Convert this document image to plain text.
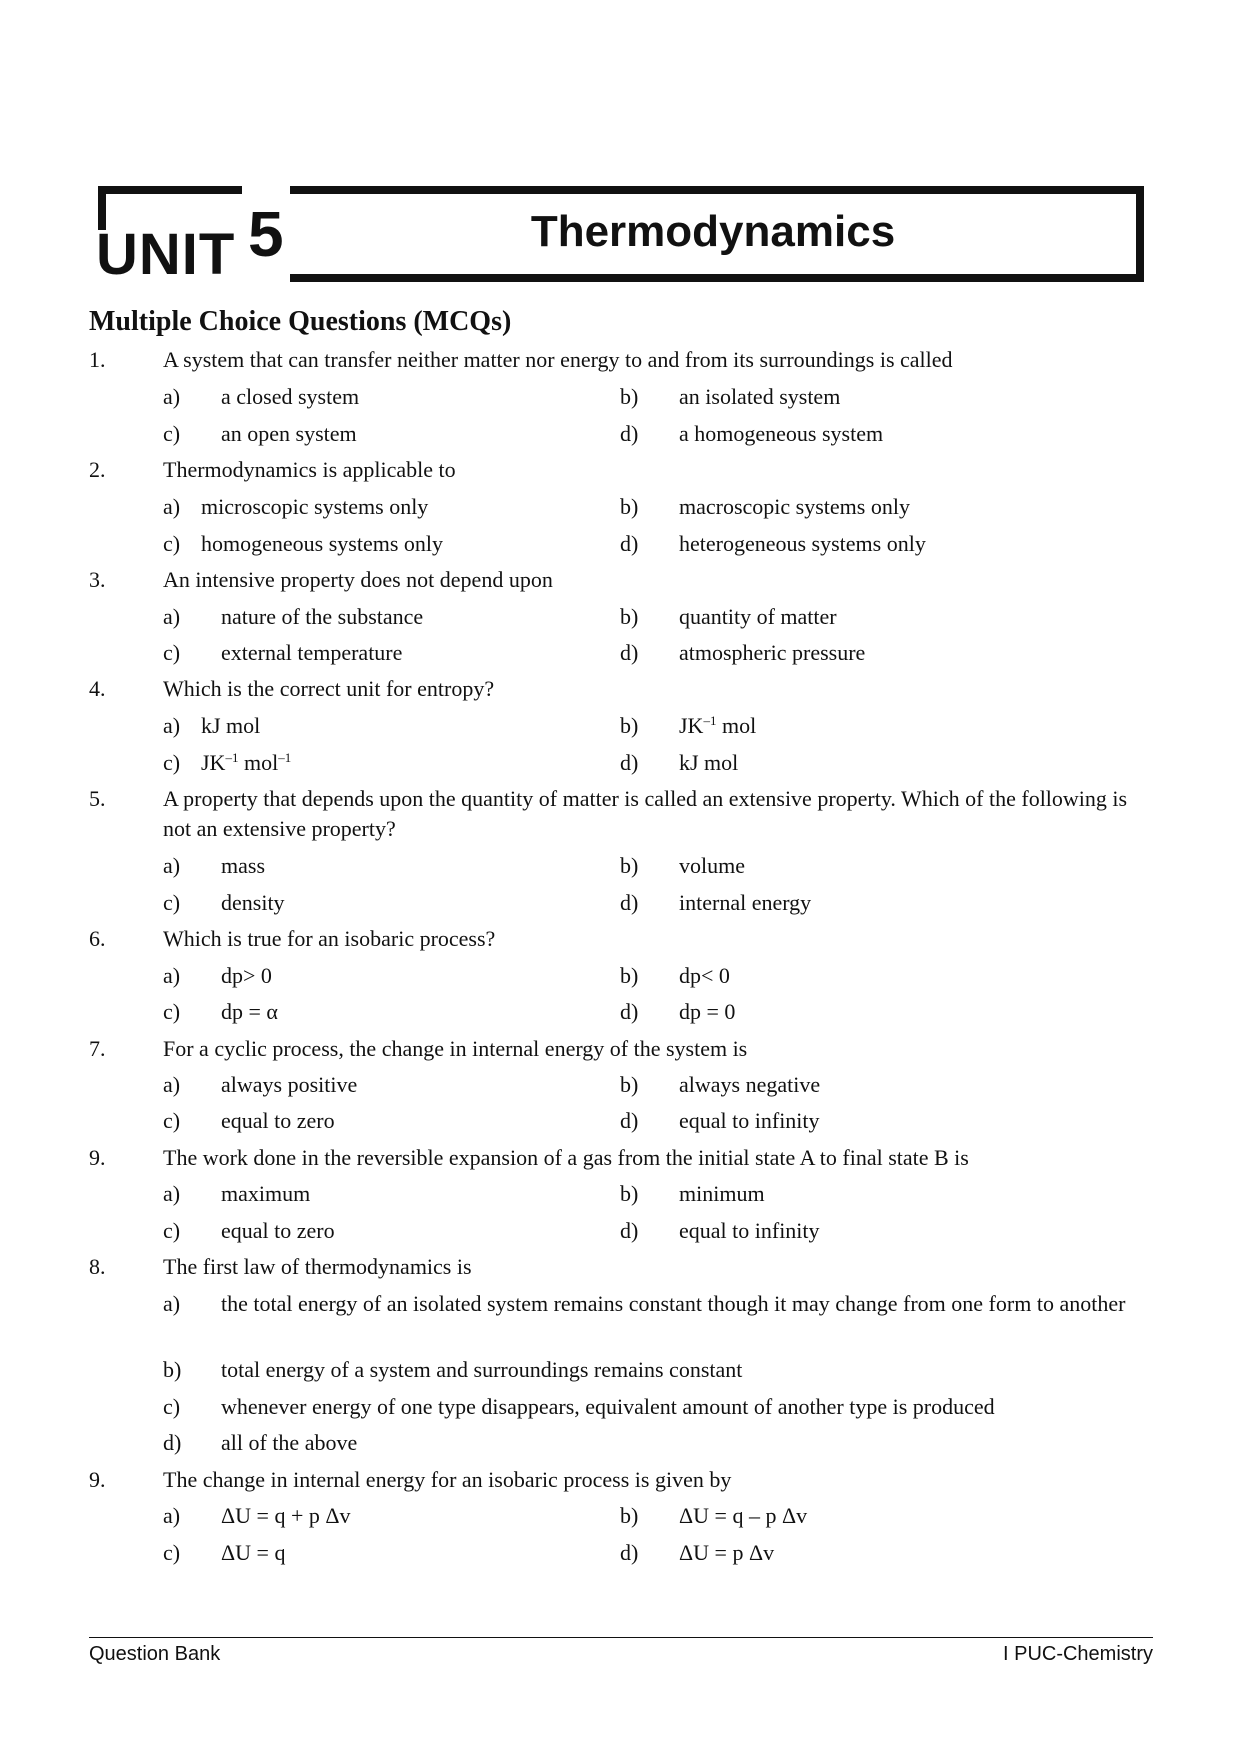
UNIT 5	Thermodynamics
Multiple Choice Questions (MCQs)
1.	A system that can transfer neither matter nor energy to and from its surroundings is called
a) a closed system	b) an isolated system
c) an open system	d) a homogeneous system
2.	Thermodynamics is applicable to
a) microscopic systems only	b) macroscopic systems only
c) homogeneous systems only	d) heterogeneous systems only
3.	An intensive property does not depend upon
a) nature of the substance	b) quantity of matter
c) external temperature	d) atmospheric pressure
4.	Which is the correct unit for entropy?
a) kJ mol	b) $JK^{-1}$ mol
c) $JK^{-1}$ mol$^{-1}$	d) kJ mol
5.	A property that depends upon the quantity of matter is called an extensive property. Which of the following is not an extensive property?
a) mass	b) volume
c) density	d) internal energy
6.	Which is true for an isobaric process?
a) dp> 0	b) dp< 0
c) dp = α	d) dp = 0
7.	For a cyclic process, the change in internal energy of the system is
a) always positive	b) always negative
c) equal to zero	d) equal to infinity
9.	The work done in the reversible expansion of a gas from the initial state A to final state B is
a) maximum	b) minimum
c) equal to zero	d) equal to infinity
8.	The first law of thermodynamics is
a) the total energy of an isolated system remains constant though it may change from one form to another
b) total energy of a system and surroundings remains constant
c) whenever energy of one type disappears, equivalent amount of another type is produced
d) all of the above
9.	The change in internal energy for an isobaric process is given by
a) ΔU = q + p Δv	b) ΔU = q – p Δv
c) ΔU = q	d) ΔU = p Δv
Question Bank	I PUC-Chemistry
